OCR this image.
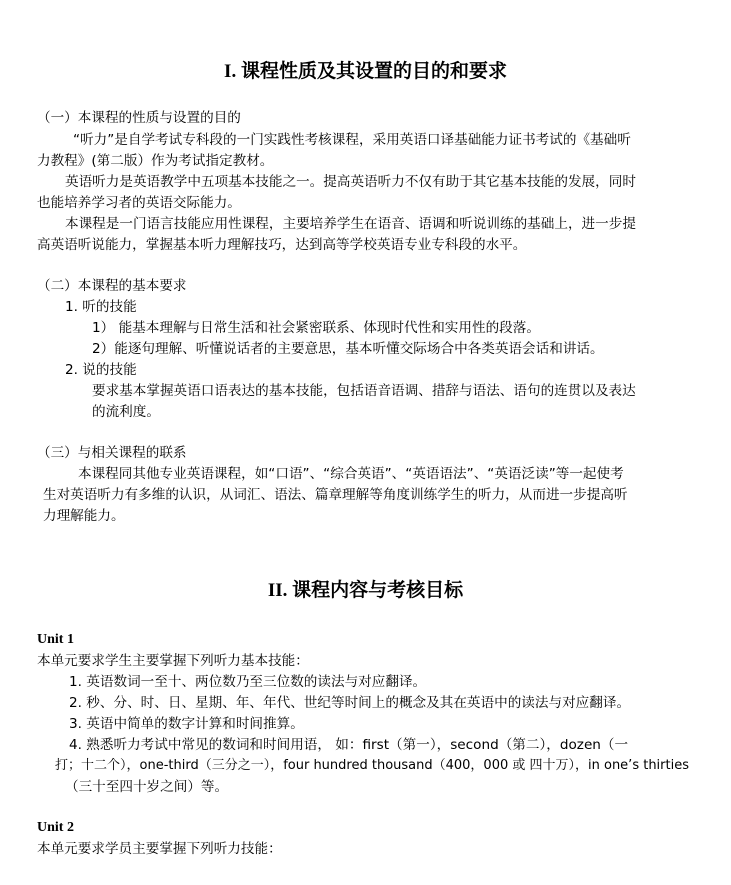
I. 课程性质及其设置的目的和要求
（一）本课程的性质与设置的目的
“听力”是自学考试专科段的一门实践性考核课程，采用英语口译基础能力证书考试的《基础听
力教程》(第二版）作为考试指定教材。
英语听力是英语教学中五项基本技能之一。提高英语听力不仅有助于其它基本技能的发展，同时
也能培养学习者的英语交际能力。
本课程是一门语言技能应用性课程，主要培养学生在语音、语调和听说训练的基础上，进一步提
高英语听说能力，掌握基本听力理解技巧，达到高等学校英语专业专科段的水平。
（二）本课程的基本要求
1. 听的技能
1） 能基本理解与日常生活和社会紧密联系、体现时代性和实用性的段落。
2）能逐句理解、听懂说话者的主要意思，基本听懂交际场合中各类英语会话和讲话。
2. 说的技能
要求基本掌握英语口语表达的基本技能，包括语音语调、措辞与语法、语句的连贯以及表达
的流利度。
（三）与相关课程的联系
本课程同其他专业英语课程，如“口语”、“综合英语”、“英语语法”、“英语泛读”等一起使考
生对英语听力有多维的认识，从词汇、语法、篇章理解等角度训练学生的听力，从而进一步提高听
力理解能力。
II. 课程内容与考核目标
Unit 1
本单元要求学生主要掌握下列听力基本技能：
1. 英语数词一至十、两位数乃至三位数的读法与对应翻译。
2. 秒、分、时、日、星期、年、年代、世纪等时间上的概念及其在英语中的读法与对应翻译。
3. 英语中简单的数字计算和时间推算。
4. 熟悉听力考试中常见的数词和时间用语， 如：first（第一），second（第二），dozen（一
打；十二个），one-third（三分之一），four hundred thousand（400，000 或 四十万），in one’s thirties
（三十至四十岁之间）等。
Unit 2
本单元要求学员主要掌握下列听力技能：
